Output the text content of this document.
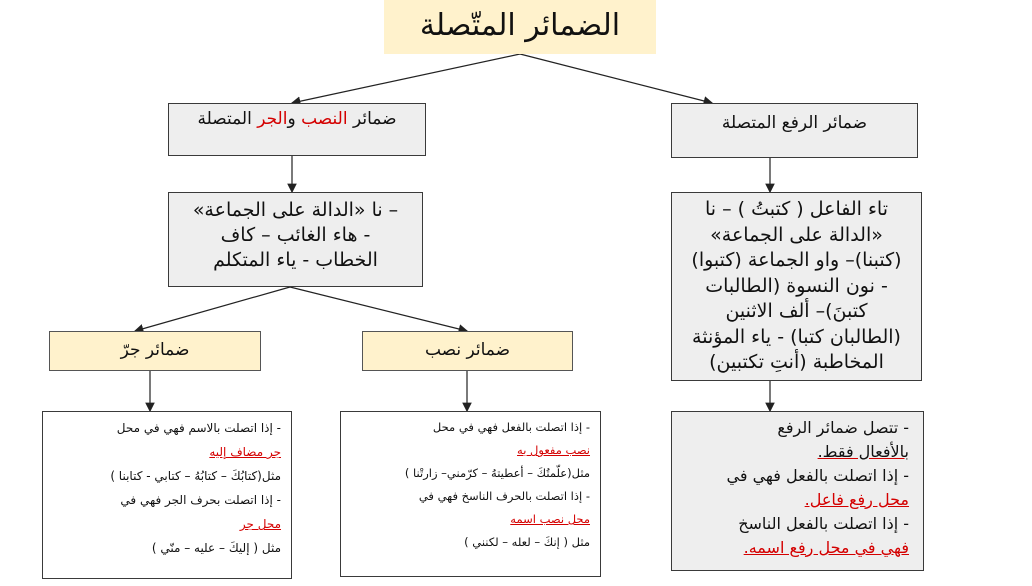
الضمائر المتّصلة
ضمائر النصب والجر المتصلة	ضمائر الرفع المتصلة

– نا «الدالة على الجماعة»

- هاء الغائب – كاف

الخطاب - ياء المتكلم

تاء الفاعل ( كتبتُ ) – نا

«الدالة على الجماعة»

(كتبنا)– واو الجماعة (كتبوا)

- نون النسوة (الطالبات

كتبنَ)– ألف الاثنين

(الطالبان كتبا) - ياء المؤنثة

المخاطبة (أنتِ تكتبين)

ضمائر جرّ	ضمائر نصب

- إذا اتصلت بالاسم فهي في محل

جر مضاف إليه

مثل(كتابُكَ – كتابُهُ – كتابي - كتابنا )

- إذا اتصلت بحرف الجر فهي في

محل جر

مثل ( إليكَ – عليه – منّي )

- إذا اتصلت بالفعل فهي في محل

نصب مفعول به

مثل(علّمتُكَ – أعطيتهُ – كرّمني– زارتْنا )

- إذا اتصلت بالحرف الناسخ فهي في

محل نصب اسمه

مثل ( إنكَ – لعله – لكنني )

- تتصل ضمائر الرفع

بالأفعال فقط.

- إذا اتصلت بالفعل فهي في

محل رفع فاعل.

- إذا اتصلت بالفعل الناسخ

فهي في محل رفع اسمه.
